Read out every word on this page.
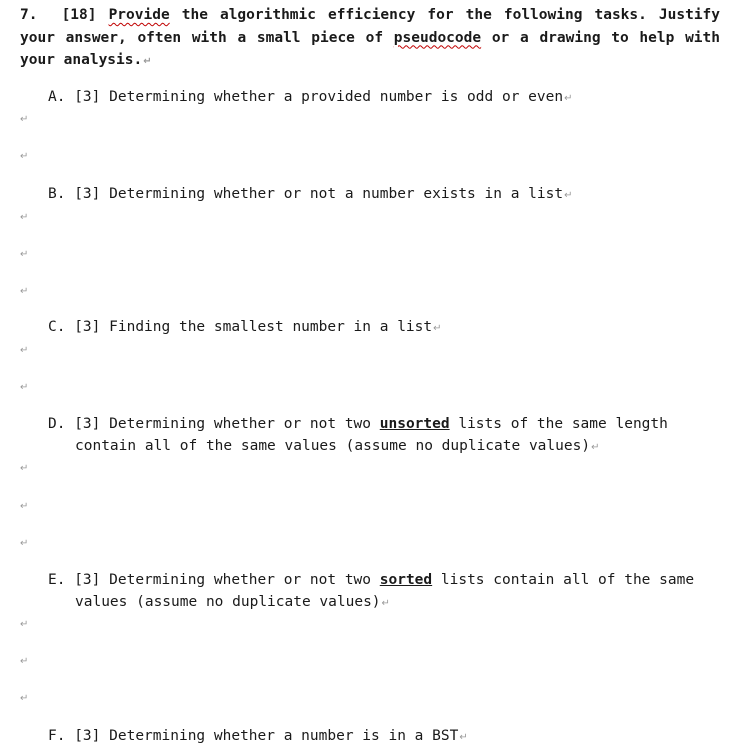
7. [18] Provide the algorithmic efficiency for the following tasks. Justify your answer, often with a small piece of pseudocode or a drawing to help with your analysis.↵
A. [3] Determining whether a provided number is odd or even↵
↵
↵
B. [3] Determining whether or not a number exists in a list↵
↵
↵
↵
C. [3] Finding the smallest number in a list↵
↵
↵
D. [3] Determining whether or not two unsorted lists of the same length
contain all of the same values (assume no duplicate values)↵
↵
↵
↵
E. [3] Determining whether or not two sorted lists contain all of the same
values (assume no duplicate values)↵
↵
↵
↵
F. [3] Determining whether a number is in a BST↵
